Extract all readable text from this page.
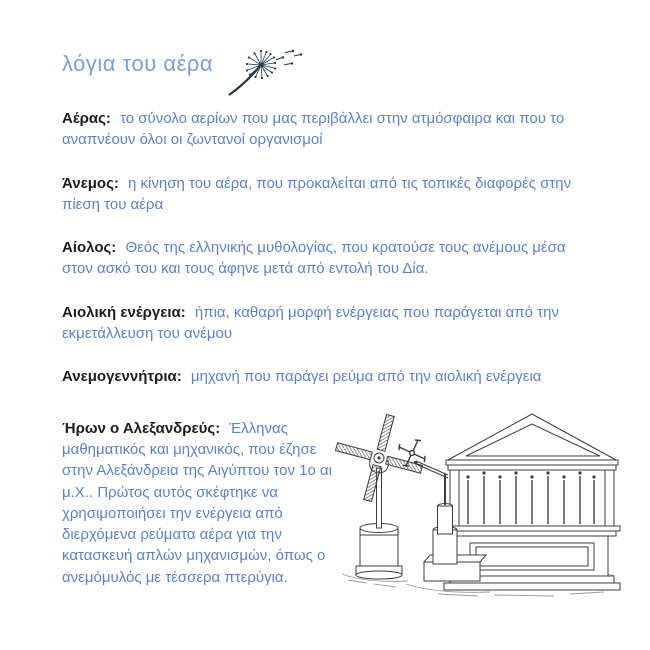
λόγια του αέρα

Αέρας: το σύνολο αερίων που μας περιβάλλει στην ατμόσφαιρα και που το αναπνέουν όλοι οι ζωντανοί οργανισμοί

Άνεμος: η κίνηση του αέρα, που προκαλείται από τις τοπικές διαφορές στην πίεση του αέρα

Αίολος: Θεός της ελληνικής μυθολογίας, που κρατούσε τους ανέμους μέσα στον ασκό του και τους άφηνε μετά από εντολή του Δία.

Αιολική ενέργεια: ήπια, καθαρή μορφή ενέργειας που παράγεται από την εκμετάλλευση του ανέμου

Ανεμογεννήτρια: μηχανή που παράγει ρεύμα από την αιολική ενέργεια

Ήρων ο Αλεξανδρεύς: Έλληνας μαθηματικός και μηχανικός, που έζησε στην Αλεξάνδρεια της Αιγύπτου τον 1ο αι μ.Χ.. Πρώτος αυτός σκέφτηκε να χρησιμοποιήσει την ενέργεια από διερχόμενα ρεύματα αέρα για την κατασκευή απλών μηχανισμών, όπως ο ανεμόμυλός με τέσσερα πτερύγια.
